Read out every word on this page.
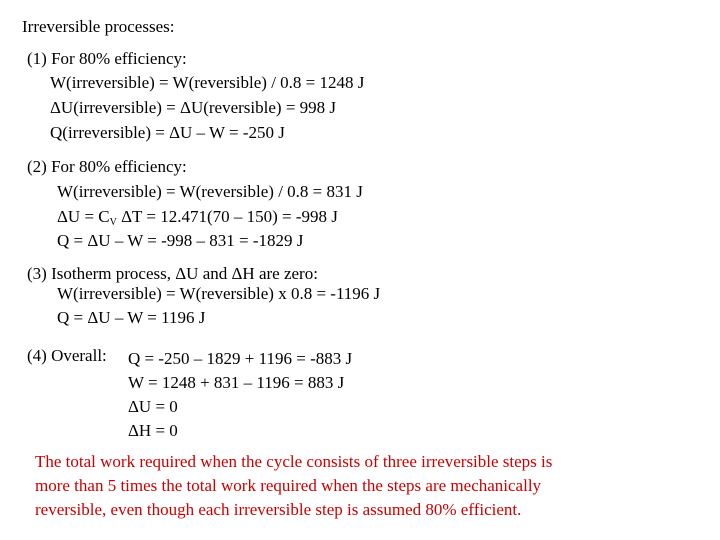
Irreversible processes:
(1) For 80% efficiency:
W(irreversible) = W(reversible) / 0.8 = 1248 J
ΔU(irreversible) = ΔU(reversible) = 998 J
Q(irreversible) = ΔU – W = -250 J
(2) For 80% efficiency:
W(irreversible) = W(reversible) / 0.8 = 831 J
$\Delta U = C_V$ ΔT = 12.471(70 – 150) = -998 J
Q = ΔU – W = -998 – 831 = -1829 J
(3) Isotherm process, ΔU and ΔH are zero:
W(irreversible) = W(reversible) x 0.8 = -1196 J
Q = ΔU – W = 1196 J
(4) Overall: Q = -250 – 1829 + 1196 = -883 J
W = 1248 + 831 – 1196 = 883 J
ΔU = 0
ΔH = 0
The total work required when the cycle consists of three irreversible steps is
more than 5 times the total work required when the steps are mechanically
reversible, even though each irreversible step is assumed 80% efficient.
